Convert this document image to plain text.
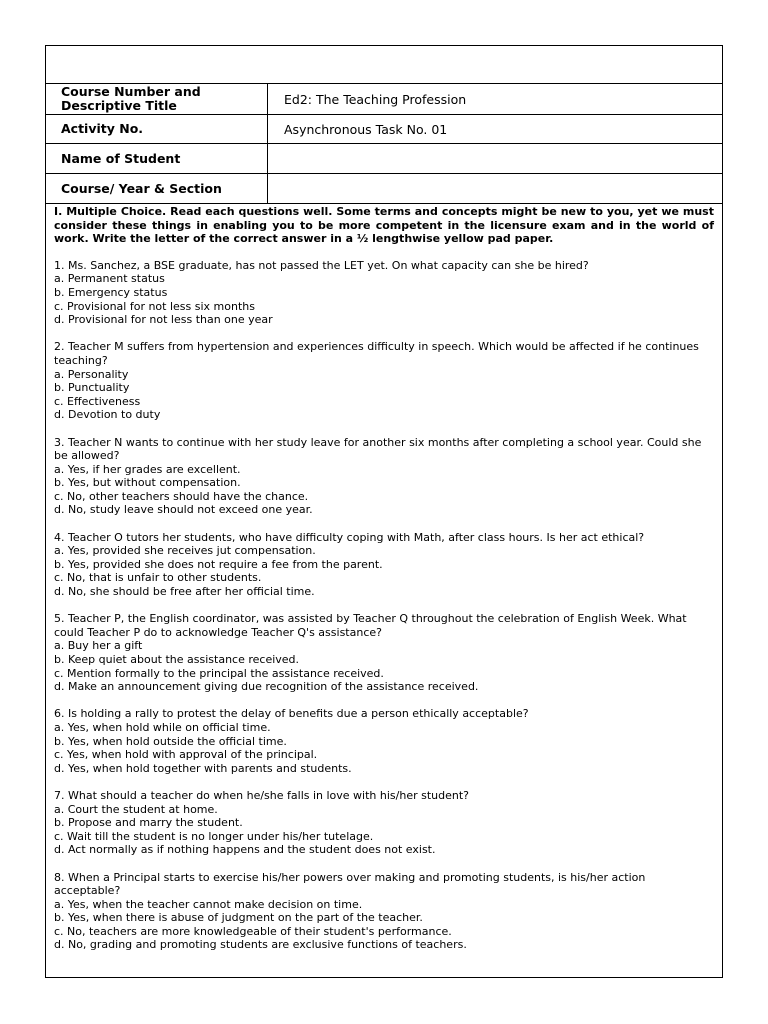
Course Number and Descriptive Title	Ed2: The Teaching Profession
Activity No.	Asynchronous Task No. 01
Name of Student
Course/ Year & Section

I. Multiple Choice. Read each questions well. Some terms and concepts might be new to you, yet we must consider these things in enabling you to be more competent in the licensure exam and in the world of work. Write the letter of the correct answer in a ½ lengthwise yellow pad paper.

1. Ms. Sanchez, a BSE graduate, has not passed the LET yet. On what capacity can she be hired?

a. Permanent status

b. Emergency status

c. Provisional for not less six months

d. Provisional for not less than one year

2. Teacher M suffers from hypertension and experiences difficulty in speech. Which would be affected if he continues teaching?

a. Personality

b. Punctuality

c. Effectiveness

d. Devotion to duty

3. Teacher N wants to continue with her study leave for another six months after completing a school year. Could she be allowed?

a. Yes, if her grades are excellent.

b. Yes, but without compensation.

c. No, other teachers should have the chance.

d. No, study leave should not exceed one year.

4. Teacher O tutors her students, who have difficulty coping with Math, after class hours. Is her act ethical?

a. Yes, provided she receives jut compensation.

b. Yes, provided she does not require a fee from the parent.

c. No, that is unfair to other students.

d. No, she should be free after her official time.

5. Teacher P, the English coordinator, was assisted by Teacher Q throughout the celebration of English Week. What could Teacher P do to acknowledge Teacher Q's assistance?

a. Buy her a gift

b. Keep quiet about the assistance received.

c. Mention formally to the principal the assistance received.

d. Make an announcement giving due recognition of the assistance received.

6. Is holding a rally to protest the delay of benefits due a person ethically acceptable?

a. Yes, when hold while on official time.

b. Yes, when hold outside the official time.

c. Yes, when hold with approval of the principal.

d. Yes, when hold together with parents and students.

7. What should a teacher do when he/she falls in love with his/her student?

a. Court the student at home.

b. Propose and marry the student.

c. Wait till the student is no longer under his/her tutelage.

d. Act normally as if nothing happens and the student does not exist.

8. When a Principal starts to exercise his/her powers over making and promoting students, is his/her action acceptable?

a. Yes, when the teacher cannot make decision on time.

b. Yes, when there is abuse of judgment on the part of the teacher.

c. No, teachers are more knowledgeable of their student's performance.

d. No, grading and promoting students are exclusive functions of teachers.
